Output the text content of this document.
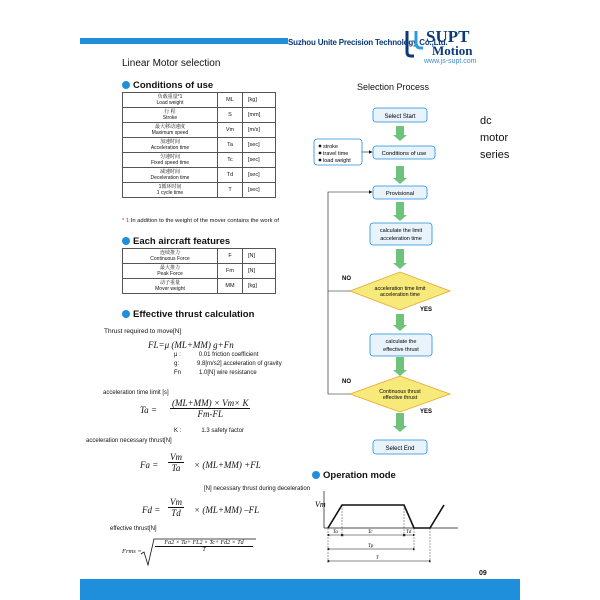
Suzhou Unite Precision Technology Co.,Ltd.
SUPT
Motion
www.js-supt.com
Linear Motor selection
Conditions of use
负载重量*1
Load weight	ML	[kg]

行 程
Stroke	S	[mm]

最大移动速度
Maximum speed	Vm	[m/s]

加速时间
Acceleration time	Ta	[sec]

匀速时间
Fixed speed time	Tc	[sec]

减速时间
Deceleration time	Td	[sec]

1循环时间
1 cycle time	T	[sec]
* 1:In addition to the weight of the mover contains the work of
Each aircraft features
连续推力
Continuous Force	F	[N]

最大推力
Peak Force	Fm	[N]

动子重量
Mover weight	MM	[kg]
Effective thrust calculation
Thrust required to move[N]
FL=μ (ML+MM) g+Fn
μ :	0.01 friction coefficient
g:	9.8[m/s2] acceleration of gravity
Fn	1.0[N] wire resistance
acceleration time limit [s]
$Ta = \frac{(ML+MM) \times Vm\times K}{Fm-FL}$
K :	1.3 safety factor
acceleration necessary thrust[N]
$Fa = \frac{Vm}{Ta} \times (ML+MM) +FL$
[N] necessary thrust during deceleration
$Fd = \frac{Vm}{Td} \times (ML+MM)$ –FL
effective thrust[N]
Frms = $\frac{Fa2 \times Ta+ FL2 \times Tc+ Fd2 \times Td}{T}$
Selection Process
Select Start
stroke
travel time
load weight
Conditions of use
Provisional
calculate the limit
acceleration time
acceleration time limit
acceleration time
NO
YES
calculate the
effective thrust
Continuous thrust
effective thrust
NO
YES
Select End
dc
motor
series
Operation mode
Vm
Ta	Tc	Td
Tp
T
09
